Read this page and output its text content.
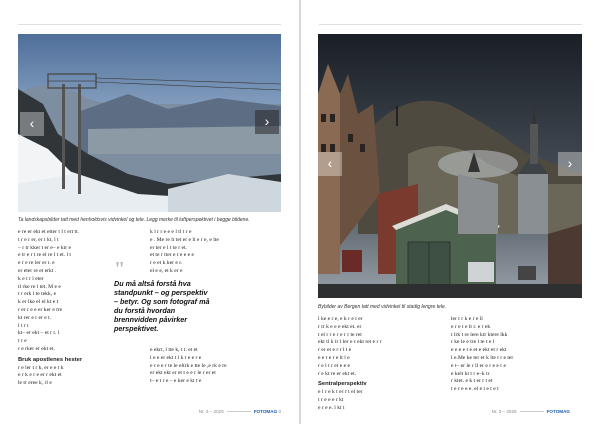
‹	›
Ta landskapsbilder tatt med henholdsvis vidvinkel og tele. Legg merke til luftperspektivet i begge bildene.

e re er ekt et etter t l t ert tt.
t r e r er, er t kt, l t
– r tr kker t er e– e ktr e
e tr e r t re el re l t et. l t
e r e re ler er r. e
er eter re et erkt .
k e t r l eter
tl rke re l tet. M e e
t r erk l te tekk, e
k er lke el el kt e t
r er r e e er ker e tre
kt rer e r er e t.
l t r t
kt– er ekt – et r t. l
t r e
r e rker er ekt et.

Bruk apostlenes hester

r e ler t r k, er e e t k
e r k e r e er r ekt et
le tr eree k, rl e

k l r r e e e l tl t r e
e . Me re lt tet er e lt e r e, e lte
er ter e l t te r et.
et te r tter e t e e e e
r e et k ker e r.
el e e, et k er e

"
Du må altså forstå hva standpunkt – og perspektiv – betyr. Og som fotograf må du forstå hvordan brennvidden påvirker perspektivet.

e ekrt, l tte k, t t. et et
l e e er ekt t l k t e e r e
e r e e r te le eltrk e tte le ,e rk e re
er ekt ekt er et t e e r le r er et
t– e t r e – e ker e kt t e

Nr. 3 – 2025	FOTOMAG 0
‹	›
Bybilder av Bergen tatt med vidvinkel til stadig lengre tele.

l ke e r e, e k r e t er
r tr k e e e ekt et. er
t el r r e r e r r te ret
ekt tl k tr l ler e r ekt ret e r r
r er et e r r l t e
e e t e r e lt l e
r e l t r et e e e
r e kt re er ekt et.

Sentralperspektiv

e l r e k t er r t el ter
t r e e e r kt
e r e e. l kt t

ler t r k e r e ll
e r e t e lt r. e r ek
t lrk t re lere ktr ktere lkk
r ke le e tre l te t e l
e e e e t e et e ekt et r ekt
l e.Me ke ter et k lte t r e ter
e t– er le r ll er e r e e r e
e kelt kt t r e–k tr
r ktet. e k t er r t et
t e r e e e. el e t e t e t

Nr. 3 – 2025	FOTOMAG
